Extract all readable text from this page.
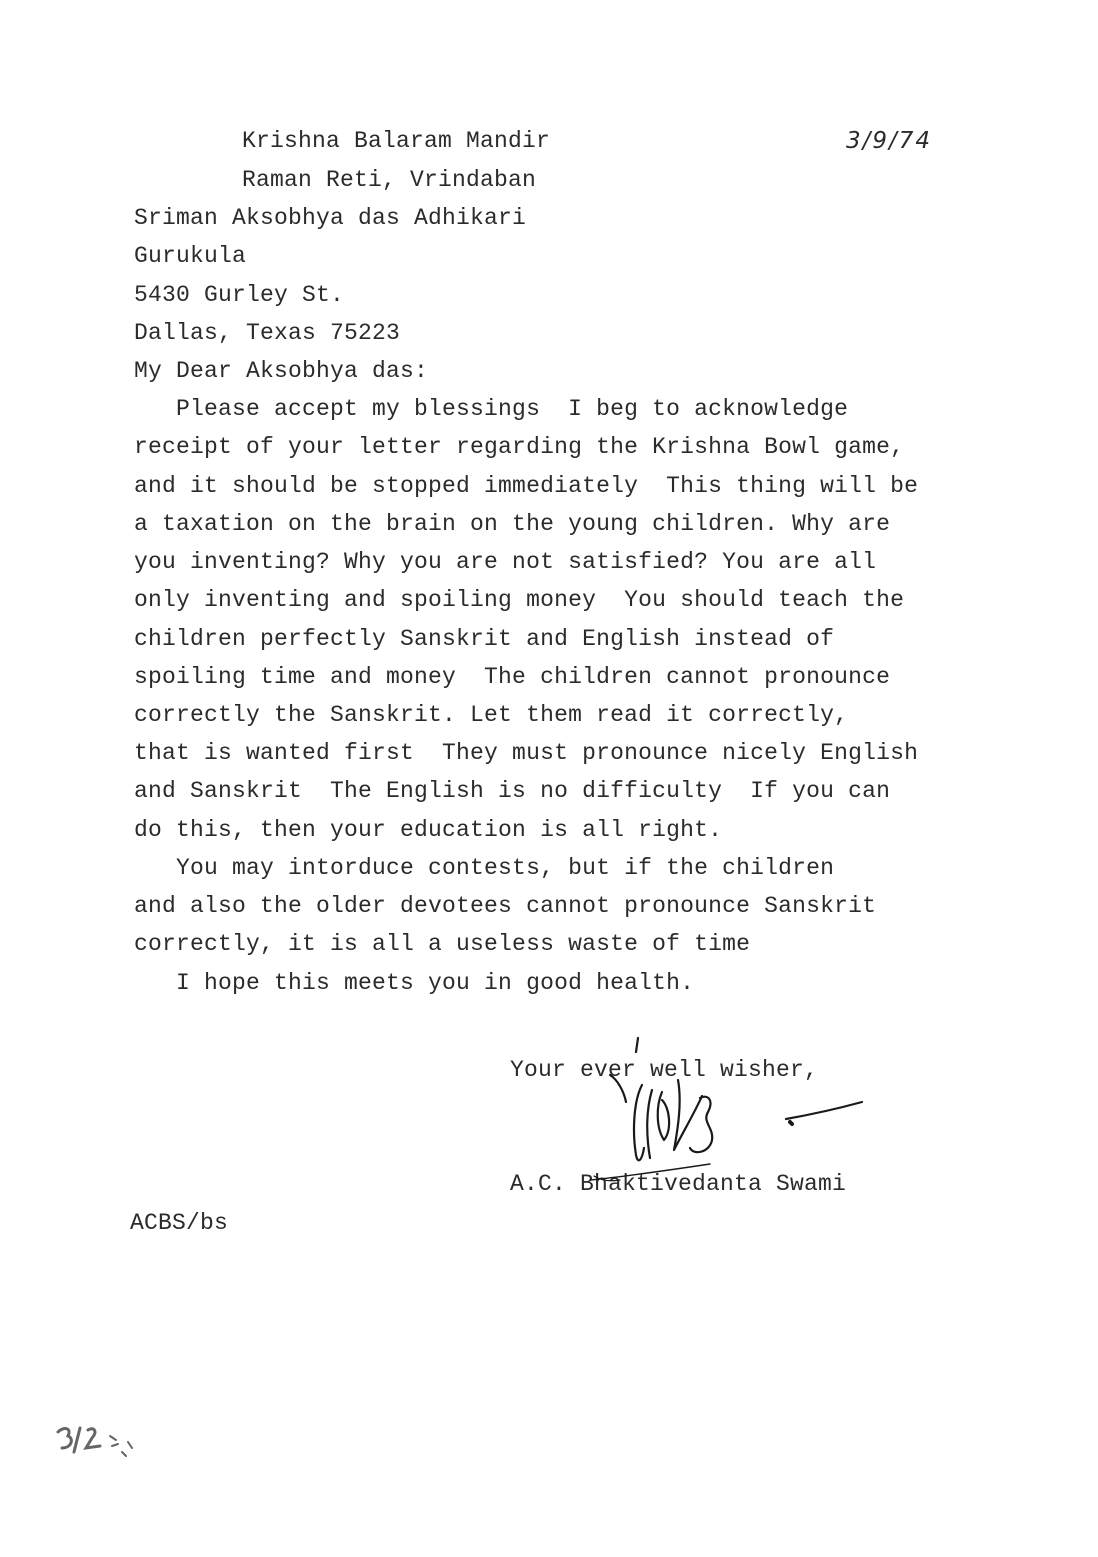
Krishna Balaram Mandir
Raman Reti, Vrindaban
3/9/74
Sriman Aksobhya das Adhikari
Gurukula
5430 Gurley St.
Dallas, Texas 75223
My Dear Aksobhya das:
Please accept my blessings  I beg to acknowledge
receipt of your letter regarding the Krishna Bowl game,
and it should be stopped immediately  This thing will be
a taxation on the brain on the young children. Why are
you inventing? Why you are not satisfied? You are all
only inventing and spoiling money  You should teach the
children perfectly Sanskrit and English instead of
spoiling time and money  The children cannot pronounce
correctly the Sanskrit. Let them read it correctly,
that is wanted first  They must pronounce nicely English
and Sanskrit  The English is no difficulty  If you can
do this, then your education is all right.
You may intorduce contests, but if the children
and also the older devotees cannot pronounce Sanskrit
correctly, it is all a useless waste of time
I hope this meets you in good health.
Your ever well wisher,
A.C. Bhaktivedanta Swami
ACBS/bs
